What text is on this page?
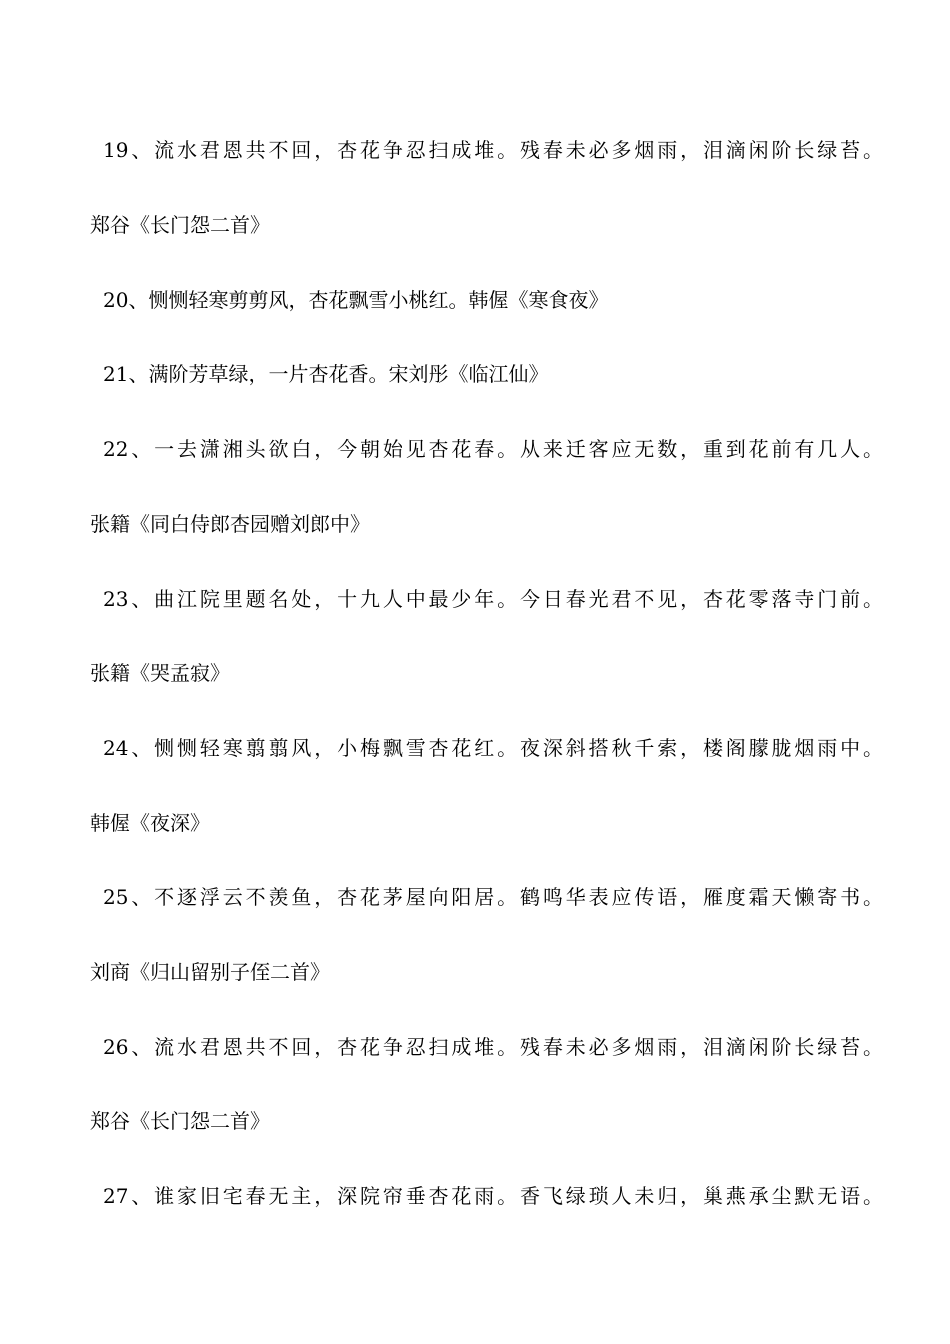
19、流水君恩共不回，杏花争忍扫成堆。残春未必多烟雨，泪滴闲阶长绿苔。
郑谷《长门怨二首》
20、恻恻轻寒剪剪风，杏花飘雪小桃红。韩偓《寒食夜》
21、满阶芳草绿，一片杏花香。宋刘彤《临江仙》
22、一去潇湘头欲白，今朝始见杏花春。从来迁客应无数，重到花前有几人。
张籍《同白侍郎杏园赠刘郎中》
23、曲江院里题名处，十九人中最少年。今日春光君不见，杏花零落寺门前。
张籍《哭孟寂》
24、恻恻轻寒翦翦风，小梅飘雪杏花红。夜深斜搭秋千索，楼阁朦胧烟雨中。
韩偓《夜深》
25、不逐浮云不羡鱼，杏花茅屋向阳居。鹤鸣华表应传语，雁度霜天懒寄书。
刘商《归山留别子侄二首》
26、流水君恩共不回，杏花争忍扫成堆。残春未必多烟雨，泪滴闲阶长绿苔。
郑谷《长门怨二首》
27、谁家旧宅春无主，深院帘垂杏花雨。香飞绿琐人未归，巢燕承尘默无语。
